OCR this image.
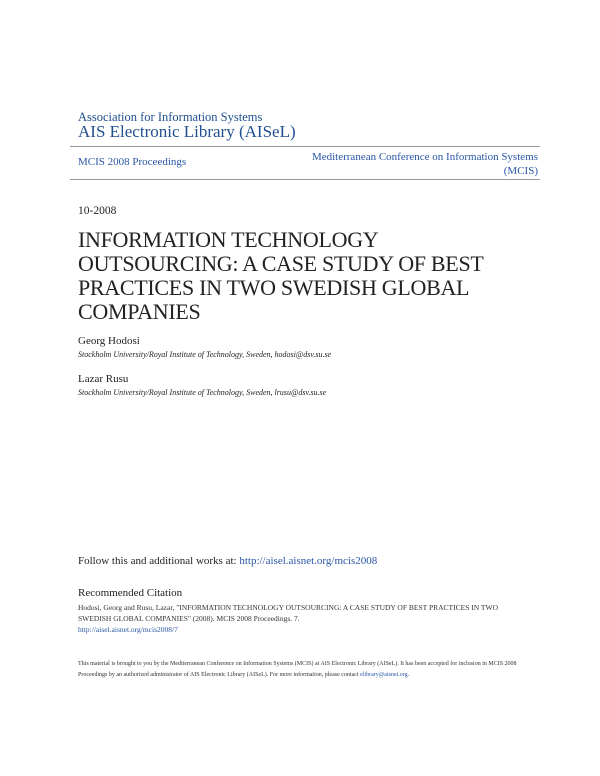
Association for Information Systems
AIS Electronic Library (AISeL)
MCIS 2008 Proceedings	Mediterranean Conference on Information Systems (MCIS)
10-2008
INFORMATION TECHNOLOGY OUTSOURCING: A CASE STUDY OF BEST PRACTICES IN TWO SWEDISH GLOBAL COMPANIES
Georg Hodosi
Stockholm University/Royal Institute of Technology, Sweden, hodosi@dsv.su.se
Lazar Rusu
Stockholm University/Royal Institute of Technology, Sweden, lrusu@dsv.su.se
Follow this and additional works at: http://aisel.aisnet.org/mcis2008
Recommended Citation
Hodosi, Georg and Rusu, Lazar, "INFORMATION TECHNOLOGY OUTSOURCING: A CASE STUDY OF BEST PRACTICES IN TWO SWEDISH GLOBAL COMPANIES" (2008). MCIS 2008 Proceedings. 7.
http://aisel.aisnet.org/mcis2008/7
This material is brought to you by the Mediterranean Conference on Information Systems (MCIS) at AIS Electronic Library (AISeL). It has been accepted for inclusion in MCIS 2008 Proceedings by an authorized administrator of AIS Electronic Library (AISeL). For more information, please contact elibrary@aisnet.org.
